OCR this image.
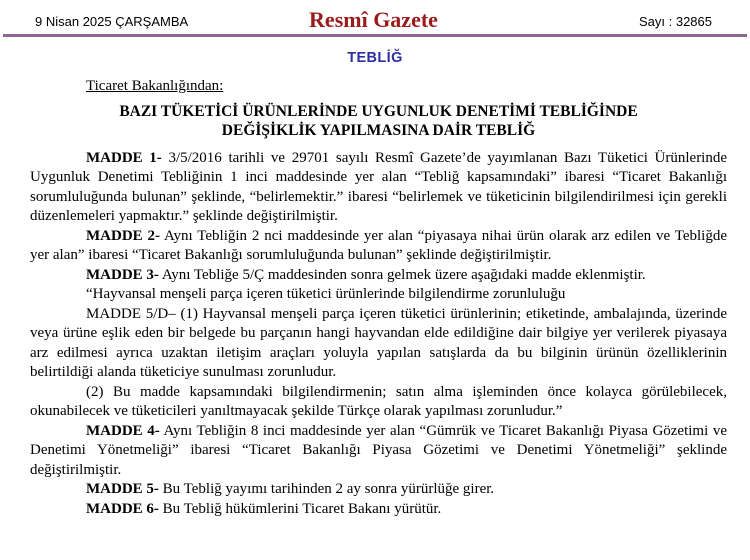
9 Nisan 2025 ÇARŞAMBA	Resmî Gazete	Sayı : 32865
TEBLİĞ
Ticaret Bakanlığından:
BAZI TÜKETİCİ ÜRÜNLERİNDE UYGUNLUK DENETİMİ TEBLİĞİNDE
DEĞİŞİKLİK YAPILMASINA DAİR TEBLİĞ

MADDE 1- 3/5/2016 tarihli ve 29701 sayılı Resmî Gazete’de yayımlanan Bazı Tüketici Ürünlerinde Uygunluk Denetimi Tebliğinin 1 inci maddesinde yer alan “Tebliğ kapsamındaki” ibaresi “Ticaret Bakanlığı sorumluluğunda bulunan” şeklinde, “belirlemektir.” ibaresi “belirlemek ve tüketicinin bilgilendirilmesi için gerekli düzenlemeleri yapmaktır.” şeklinde değiştirilmiştir.

MADDE 2- Aynı Tebliğin 2 nci maddesinde yer alan “piyasaya nihai ürün olarak arz edilen ve Tebliğde yer alan” ibaresi “Ticaret Bakanlığı sorumluluğunda bulunan” şeklinde değiştirilmiştir.

MADDE 3- Aynı Tebliğe 5/Ç maddesinden sonra gelmek üzere aşağıdaki madde eklenmiştir.

“Hayvansal menşeli parça içeren tüketici ürünlerinde bilgilendirme zorunluluğu

MADDE 5/D– (1) Hayvansal menşeli parça içeren tüketici ürünlerinin; etiketinde, ambalajında, üzerinde veya ürüne eşlik eden bir belgede bu parçanın hangi hayvandan elde edildiğine dair bilgiye yer verilerek piyasaya arz edilmesi ayrıca uzaktan iletişim araçları yoluyla yapılan satışlarda da bu bilginin ürünün özelliklerinin belirtildiği alanda tüketiciye sunulması zorunludur.

(2) Bu madde kapsamındaki bilgilendirmenin; satın alma işleminden önce kolayca görülebilecek, okunabilecek ve tüketicileri yanıltmayacak şekilde Türkçe olarak yapılması zorunludur.”

MADDE 4- Aynı Tebliğin 8 inci maddesinde yer alan “Gümrük ve Ticaret Bakanlığı Piyasa Gözetimi ve Denetimi Yönetmeliği” ibaresi “Ticaret Bakanlığı Piyasa Gözetimi ve Denetimi Yönetmeliği” şeklinde değiştirilmiştir.

MADDE 5- Bu Tebliğ yayımı tarihinden 2 ay sonra yürürlüğe girer.

MADDE 6- Bu Tebliğ hükümlerini Ticaret Bakanı yürütür.
